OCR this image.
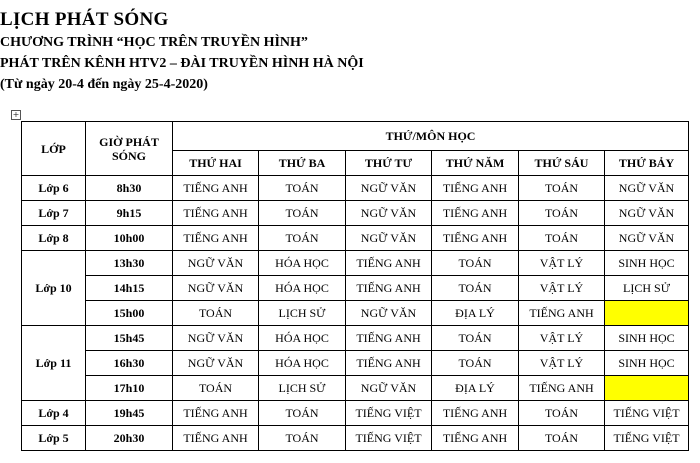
LỊCH PHÁT SÓNG
CHƯƠNG TRÌNH “HỌC TRÊN TRUYỀN HÌNH”
PHÁT TRÊN KÊNH HTV2 – ĐÀI TRUYỀN HÌNH HÀ NỘI
(Từ ngày 20-4 đến ngày 25-4-2020)
+
LỚP	GIỜ PHÁT SÓNG	THỨ/MÔN HỌC					
		THỨ HAI	THỨ BA	THỨ TƯ	THỨ NĂM	THỨ SÁU	THỨ BẢY
Lớp 6	8h30	TIẾNG ANH	TOÁN	NGỮ VĂN	TIẾNG ANH	TOÁN	NGỮ VĂN
Lớp 7	9h15	TIẾNG ANH	TOÁN	NGỮ VĂN	TIẾNG ANH	TOÁN	NGỮ VĂN
Lớp 8	10h00	TIẾNG ANH	TOÁN	NGỮ VĂN	TIẾNG ANH	TOÁN	NGỮ VĂN
Lớp 10	13h30	NGỮ VĂN	HÓA HỌC	TIẾNG ANH	TOÁN	VẬT LÝ	SINH HỌC
	14h15	NGỮ VĂN	HÓA HỌC	TIẾNG ANH	TOÁN	VẬT LÝ	LỊCH SỬ
	15h00	TOÁN	LỊCH SỬ	NGỮ VĂN	ĐỊA LÝ	TIẾNG ANH	
Lớp 11	15h45	NGỮ VĂN	HÓA HỌC	TIẾNG ANH	TOÁN	VẬT LÝ	SINH HỌC
	16h30	NGỮ VĂN	HÓA HỌC	TIẾNG ANH	TOÁN	VẬT LÝ	SINH HỌC
	17h10	TOÁN	LỊCH SỬ	NGỮ VĂN	ĐỊA LÝ	TIẾNG ANH	
Lớp 4	19h45	TIẾNG ANH	TOÁN	TIẾNG VIỆT	TIẾNG ANH	TOÁN	TIẾNG VIỆT
Lớp 5	20h30	TIẾNG ANH	TOÁN	TIẾNG VIỆT	TIẾNG ANH	TOÁN	TIẾNG VIỆT
